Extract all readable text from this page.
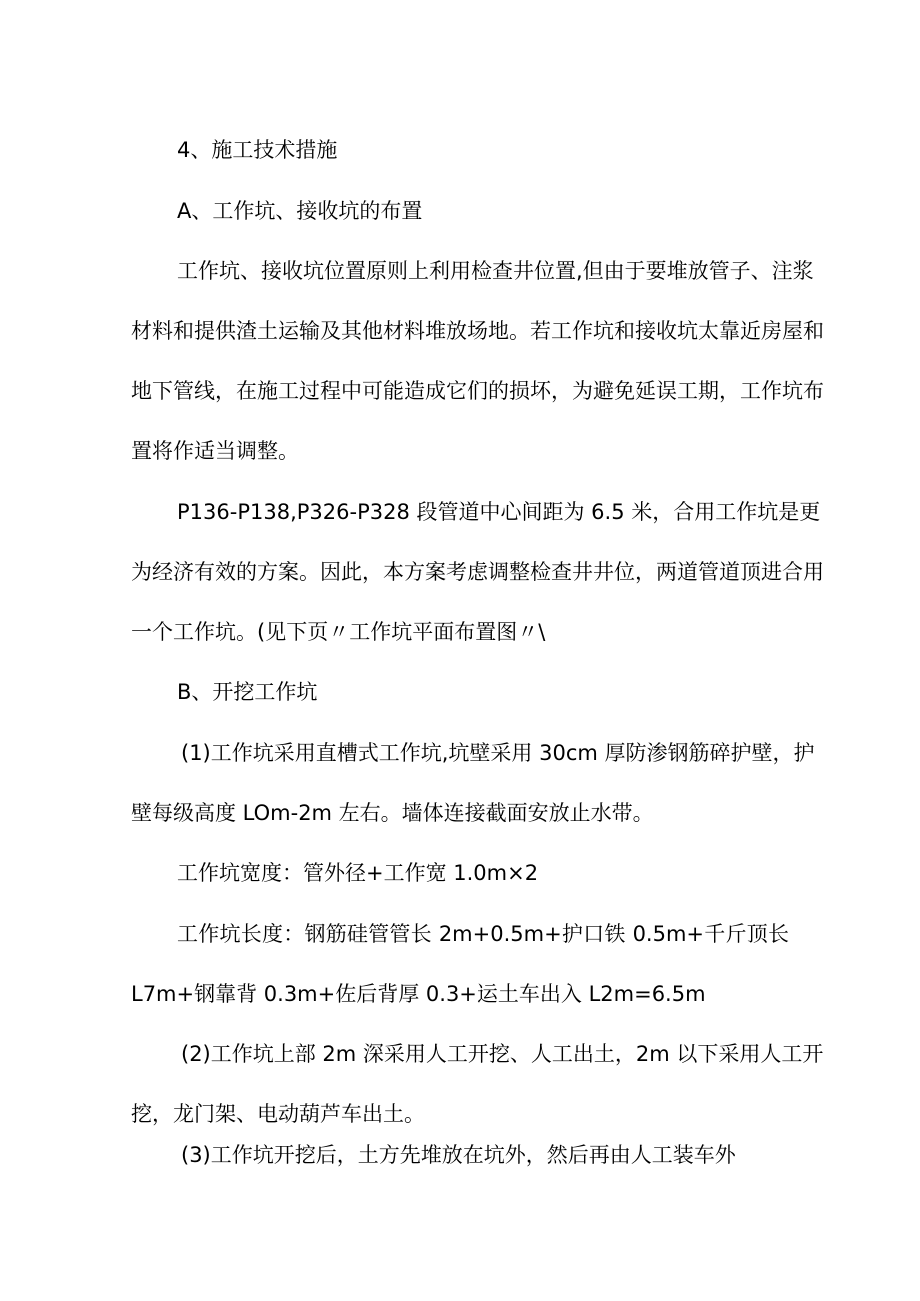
4、施工技术措施
A、工作坑、接收坑的布置
工作坑、接收坑位置原则上利用检查井位置,但由于要堆放管子、注浆
材料和提供渣土运输及其他材料堆放场地。若工作坑和接收坑太靠近房屋和
地下管线，在施工过程中可能造成它们的损坏，为避免延误工期，工作坑布
置将作适当调整。
P136-P138,P326-P328 段管道中心间距为 6.5 米，合用工作坑是更
为经济有效的方案。因此，本方案考虑调整检查井井位，两道管道顶进合用
一个工作坑。(见下页〃工作坑平面布置图〃\
B、开挖工作坑
(1)工作坑采用直槽式工作坑,坑壁采用 30cm 厚防渗钢筋碎护壁，护
壁每级高度 LOm-2m 左右。墙体连接截面安放止水带。
工作坑宽度：管外径+工作宽 1.0m×2
工作坑长度：钢筋硅管管长 2m+0.5m+护口铁 0.5m+千斤顶长
L7m+钢靠背 0.3m+佐后背厚 0.3+运土车出入 L2m=6.5m
(2)工作坑上部 2m 深采用人工开挖、人工出土，2m 以下采用人工开
挖，龙门架、电动葫芦车出土。
(3)工作坑开挖后，土方先堆放在坑外，然后再由人工装车外
